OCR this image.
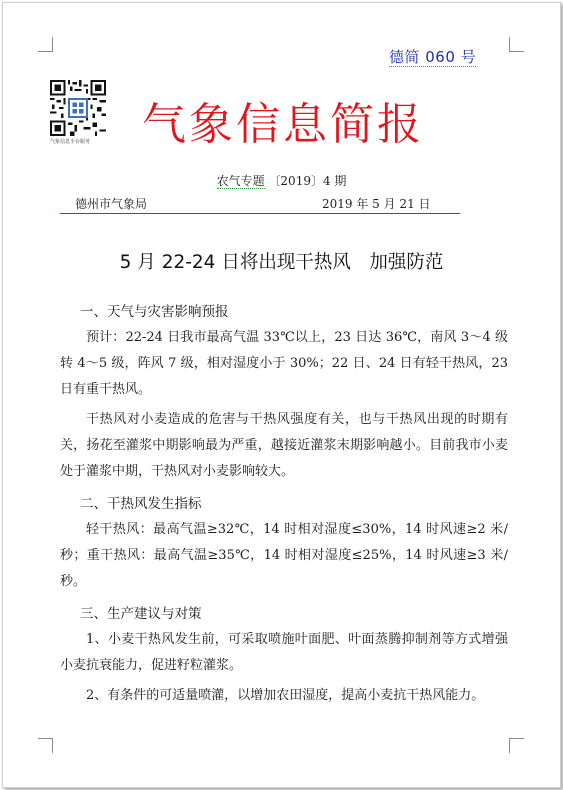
德简 060 号
气象信息平台服务	气象信息简报
农气专题 〔2019〕4 期
德州市气象局	2019 年 5 月 21 日
5 月 22-24 日将出现干热风　加强防范
一、天气与灾害影响预报

预计：22-24 日我市最高气温 33℃以上，23 日达 36℃，南风 3～4 级转 4～5 级，阵风 7 级，相对湿度小于 30%；22 日、24 日有轻干热风，23 日有重干热风。

干热风对小麦造成的危害与干热风强度有关，也与干热风出现的时期有关，扬花至灌浆中期影响最为严重，越接近灌浆末期影响越小。目前我市小麦处于灌浆中期，干热风对小麦影响较大。

二、干热风发生指标

轻干热风：最高气温≥32℃，14 时相对湿度≤30%，14 时风速≥2 米/秒；重干热风：最高气温≥35℃，14 时相对湿度≤25%，14 时风速≥3 米/秒。

三、生产建议与对策

1、小麦干热风发生前，可采取喷施叶面肥、叶面蒸腾抑制剂等方式增强小麦抗衰能力，促进籽粒灌浆。

2、有条件的可适量喷灌，以增加农田湿度，提高小麦抗干热风能力。
